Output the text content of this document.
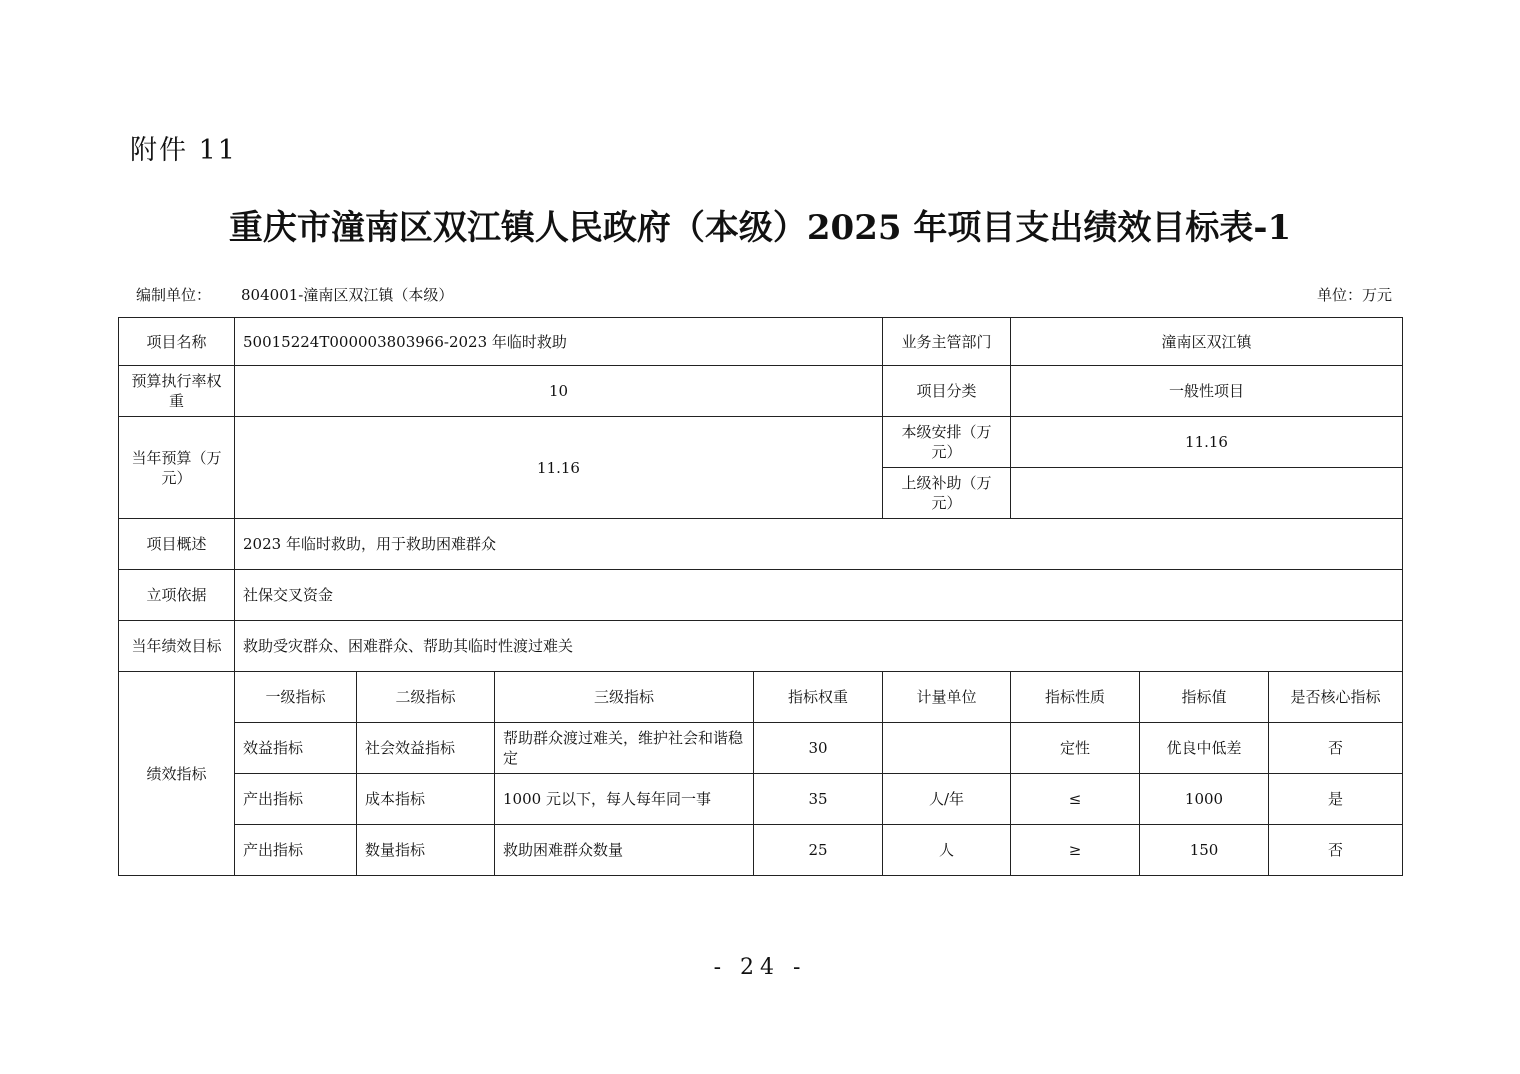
附件 11
重庆市潼南区双江镇人民政府（本级）2025 年项目支出绩效目标表-1
编制单位： 804001-潼南区双江镇（本级）	单位：万元
项目名称	50015224T000003803966-2023 年临时救助				业务主管部门	潼南区双江镇		
预算执行率权重	10				项目分类	一般性项目		
当年预算（万元）	11.16				本级安排（万元）	11.16		
					上级补助（万元）			
项目概述	2023 年临时救助，用于救助困难群众							
立项依据	社保交叉资金							
当年绩效目标	救助受灾群众、困难群众、帮助其临时性渡过难关							
绩效指标	一级指标	二级指标	三级指标	指标权重	计量单位	指标性质	指标值	是否核心指标
	效益指标	社会效益指标	帮助群众渡过难关，维护社会和谐稳定	30		定性	优良中低差	否
	产出指标	成本指标	1000 元以下，每人每年同一事	35	人/年	≤	1000	是
	产出指标	数量指标	救助困难群众数量	25	人	≥	150	否
- 24 -
